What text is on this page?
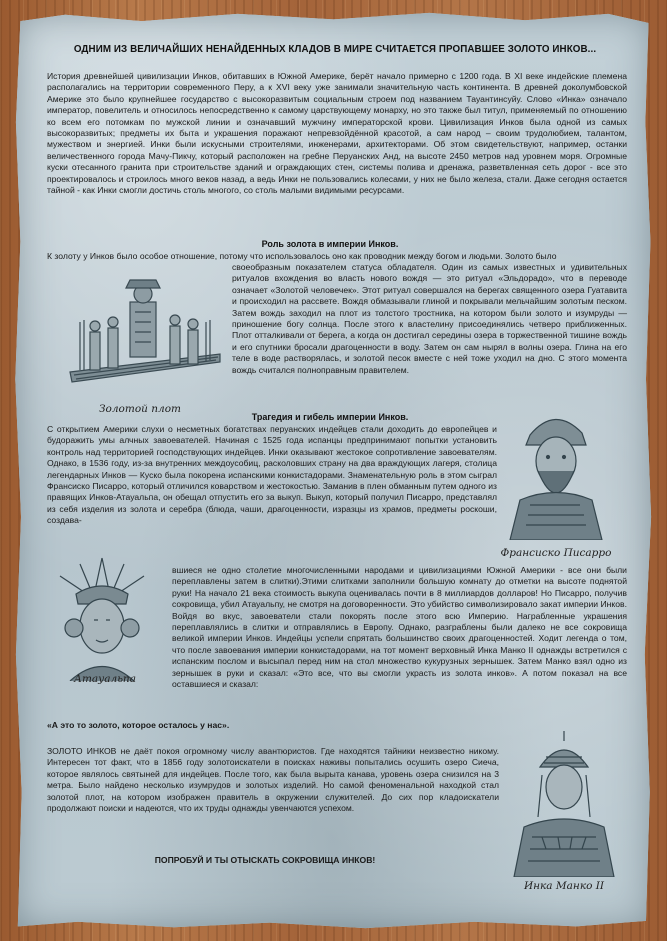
ОДНИМ ИЗ ВЕЛИЧАЙШИХ НЕНАЙДЕННЫХ КЛАДОВ В МИРЕ СЧИТАЕТСЯ ПРОПАВШЕЕ ЗОЛОТО ИНКОВ...

История древнейшей цивилизации Инков, обитавших в Южной Америке, берёт начало примерно с 1200 года. В XI веке индейские племена располагались на территории современного Перу, а к XVI веку уже занимали значительную часть континента. В древней доколумбовской Америке это было крупнейшее государство с высокоразвитым социальным строем под названием Тауантинсуйу. Слово «Инка» означало император, повелитель и относилось непосредственно к самому царствующему монарху, но это также был титул, применяемый по отношению ко всем его потомкам по мужской линии и означавший мужчину императорской крови. Цивилизация Инков была одной из самых высокоразвитых; предметы их быта и украшения поражают непревзойдённой красотой, а сам народ – своим трудолюбием, талантом, мужеством и энергией. Инки были искусными строителями, инженерами, архитекторами. Об этом свидетельствуют, например, останки величественного города Мачу-Пикчу, который расположен на гребне Перуанских Анд, на высоте 2450 метров над уровнем моря. Огромные куски отесанного гранита при строительстве зданий и ограждающих стен, системы полива и дренажа, разветвленная сеть дорог - все это проектировалось и строилось многo веков назад, а ведь Инки не пользовались колесами, у них не было железа, стали. Даже сегодня остается тайной - как Инки смогли достичь столь многого, со столь малыми видимыми ресурсами.

Роль золота в империи Инков.

К золоту у Инков было особое отношение, потому что использовалось оно как проводник между богом и людьми. Золото было

Золотой плот

своеобразным показателем статуса обладателя. Один из самых известных и удивительных ритуалов вхождения во власть нового вождя — это ритуал «Эльдорадо», что в переводе означает «Золотой человечек». Этот ритуал совершался на берегах священного озера Гуатавита и происходил на рассвете. Вождя обмазывали глиной и покрывали мельчайшим золотым песком. Затем вождь заходил на плот из толстого тростника, на котором были золото и изумруды — приношение богу солнца. После этого к властелину присоединялись четверо приближенных. Плот отталкивали от берега, а когда он достигал середины озера в торжественной тишине вождь и его спутники бросали драгоценности в воду. Затем он сам нырял в волны озера. Глина на его теле в воде растворялась, и золотой песок вместе с ней тоже уходил на дно. С этого момента вождь считался полноправным правителем.

Трагедия и гибель империи Инков.

С открытием Америки слухи о несметных богатствах перуанских индейцев стали доходить до европейцев и будоражить умы алчных завоевателей. Начиная с 1525 года испанцы предпринимают попытки установить контроль над территорией господствующих индейцев. Инки оказывают жестокое сопротивление завоевателям. Однако, в 1536 году, из-за внутренних междоусобиц, расколовших страну на два враждующих лагеря, столица легендарных Инков — Куско была покорена испанскими конкистадорами. Знаменательную роль в этом сыграл Франсиско Писарро, который отличился коварством и жестокостью. Заманив в плен обманным путем одного из правящих Инков-Атауальпа, он обещал отпустить его за выкуп. Выкуп, который получил Писарро, представлял из себя изделия из золота и серебра (блюда, чаши, драгоценности, изразцы из храмов, предметы роскоши, создава-

Франсиско Писарро
Атауальпа

вшиеся не одно столетие многочисленными народами и цивилизациями Южной Америки - все они были переплавлены затем в слитки).Этими слитками заполнили большую комнату до отметки на высоте поднятой руки! На начало 21 века стоимость выкупа оценивалась почти в 8 миллиардов долларов! Но Писарро, получив сокровища, убил Атауальпу, не смотря на договоренности. Это убийство символизировало закат империи Инков. Войдя во вкус, завоеватели стали покорять после этого всю Империю. Награбленные украшения переплавлялись в слитки и отправлялись в Европу. Однако, разграблены были далеко не все сокровища великой империи Инков. Индейцы успели спрятать большинство своих драгоценностей. Ходит легенда о том, что после завоевания империи конкистадорами, на тот момент верховный Инка Манко II однажды встретился с испанским послом и высыпал перед ним на стол множество кукурузных зернышек. Затем Манко взял одно из зернышек в руки и сказал: «Это все, что вы смогли украсть из золота инков». А потом показал на все оставшиеся и сказал:

«А это то золото, которое осталось у нас».

ЗОЛОТО ИНКОВ не даёт покоя огромному числу авантюристов. Где находятся тайники неизвестно никому. Интересен тот факт, что в 1856 году золотоискатели в поисках наживы попытались осушить озеро Сиеча, которое являлось святыней для индейцев. После того, как была вырыта канава, уровень озера снизился на 3 метра. Было найдено несколько изумрудов и золотых изделий. Но самой феноменальной находкой стал золотой плот, на котором изображен правитель в окружении служителей. До сих пор кладоискатели продолжают поиски и надеются, что их труды однажды увенчаются успехом.

Инка Манко II

ПОПРОБУЙ И ТЫ ОТЫСКАТЬ СОКРОВИЩА ИНКОВ!
